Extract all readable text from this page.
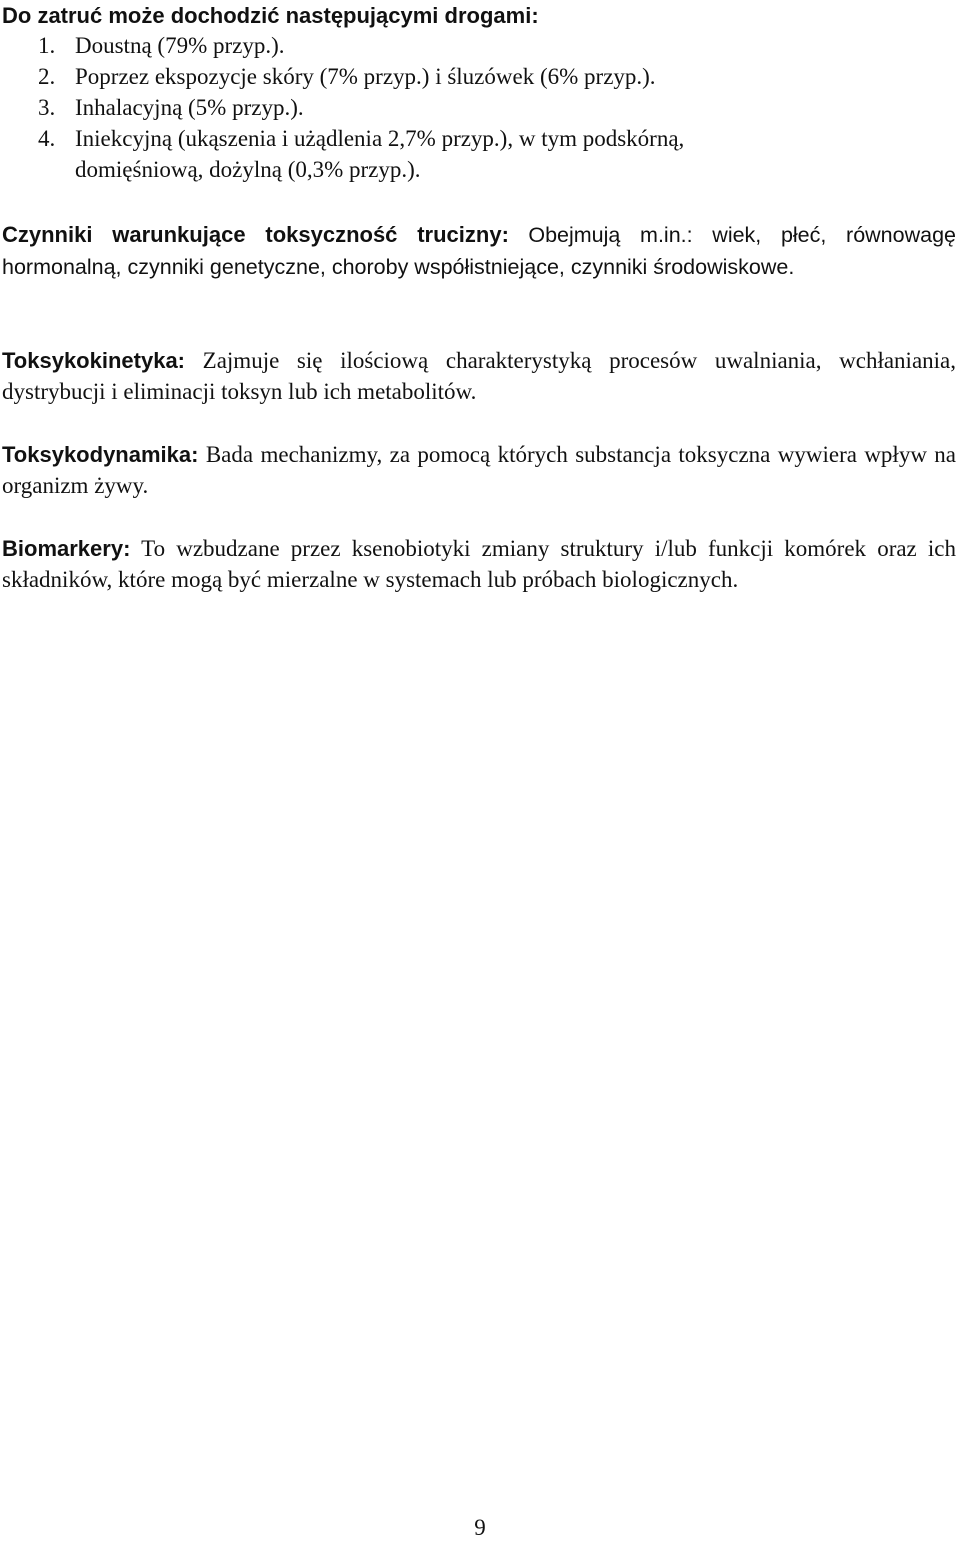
Do zatruć może dochodzić następującymi drogami:
1. Doustną (79% przyp.).
2. Poprzez ekspozycje skóry (7% przyp.) i śluzówek (6% przyp.).
3. Inhalacyjną (5% przyp.).
4. Iniekcyjną (ukąszenia i użądlenia 2,7% przyp.), w tym podskórną, domięśniową, dożylną (0,3% przyp.).

Czynniki warunkujące toksyczność trucizny: Obejmują m.in.: wiek, płeć, równowagę hormonalną, czynniki genetyczne, choroby współistniejące, czynniki środowiskowe.

Toksykokinetyka: Zajmuje się ilościową charakterystyką procesów uwalniania, wchłaniania, dystrybucji i eliminacji toksyn lub ich metabolitów.

Toksykodynamika: Bada mechanizmy, za pomocą których substancja toksyczna wywiera wpływ na organizm żywy.

Biomarkery: To wzbudzane przez ksenobiotyki zmiany struktury i/lub funkcji komórek oraz ich składników, które mogą być mierzalne w systemach lub próbach biologicznych.

9
